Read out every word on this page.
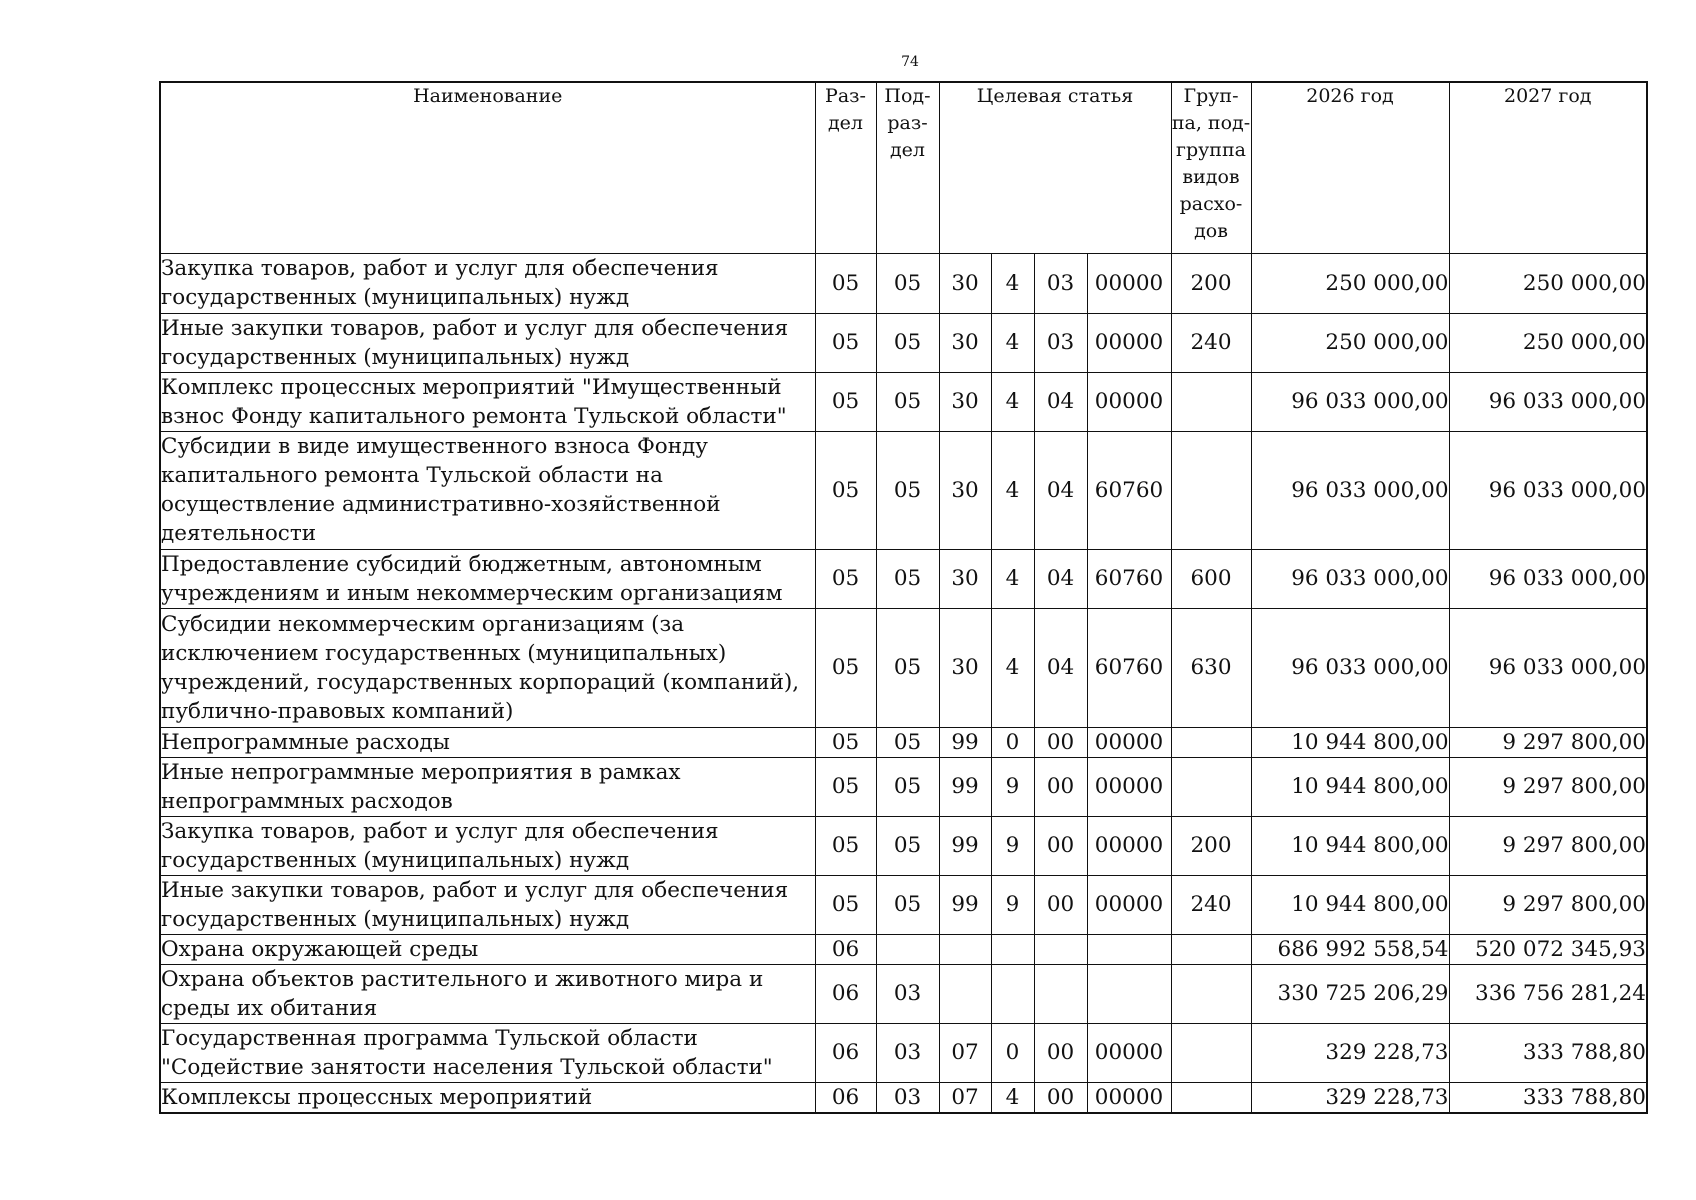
74
Наименование	Раз-дел	Под-раз-дел	Целевая статья				Груп-па, под-группа видов расхо-дов	2026 год	2027 год
Закупка товаров, работ и услуг для обеспечения государственных (муниципальных) нужд	05	05	30	4	03	00000	200	250 000,00	250 000,00
Иные закупки товаров, работ и услуг для обеспечения государственных (муниципальных) нужд	05	05	30	4	03	00000	240	250 000,00	250 000,00
Комплекс процессных мероприятий "Имущественный взнос Фонду капитального ремонта Тульской области"	05	05	30	4	04	00000		96 033 000,00	96 033 000,00
Субсидии в виде имущественного взноса Фонду капитального ремонта Тульской области на осуществление административно-хозяйственной деятельности	05	05	30	4	04	60760		96 033 000,00	96 033 000,00
Предоставление субсидий бюджетным, автономным учреждениям и иным некоммерческим организациям	05	05	30	4	04	60760	600	96 033 000,00	96 033 000,00
Субсидии некоммерческим организациям (за исключением государственных (муниципальных) учреждений, государственных корпораций (компаний), публично-правовых компаний)	05	05	30	4	04	60760	630	96 033 000,00	96 033 000,00
Непрограммные расходы	05	05	99	0	00	00000		10 944 800,00	9 297 800,00
Иные непрограммные мероприятия в рамках непрограммных расходов	05	05	99	9	00	00000		10 944 800,00	9 297 800,00
Закупка товаров, работ и услуг для обеспечения государственных (муниципальных) нужд	05	05	99	9	00	00000	200	10 944 800,00	9 297 800,00
Иные закупки товаров, работ и услуг для обеспечения государственных (муниципальных) нужд	05	05	99	9	00	00000	240	10 944 800,00	9 297 800,00
Охрана окружающей среды	06							686 992 558,54	520 072 345,93
Охрана объектов растительного и животного мира и среды их обитания	06	03						330 725 206,29	336 756 281,24
Государственная программа Тульской области "Содействие занятости населения Тульской области"	06	03	07	0	00	00000		329 228,73	333 788,80
Комплексы процессных мероприятий	06	03	07	4	00	00000		329 228,73	333 788,80
